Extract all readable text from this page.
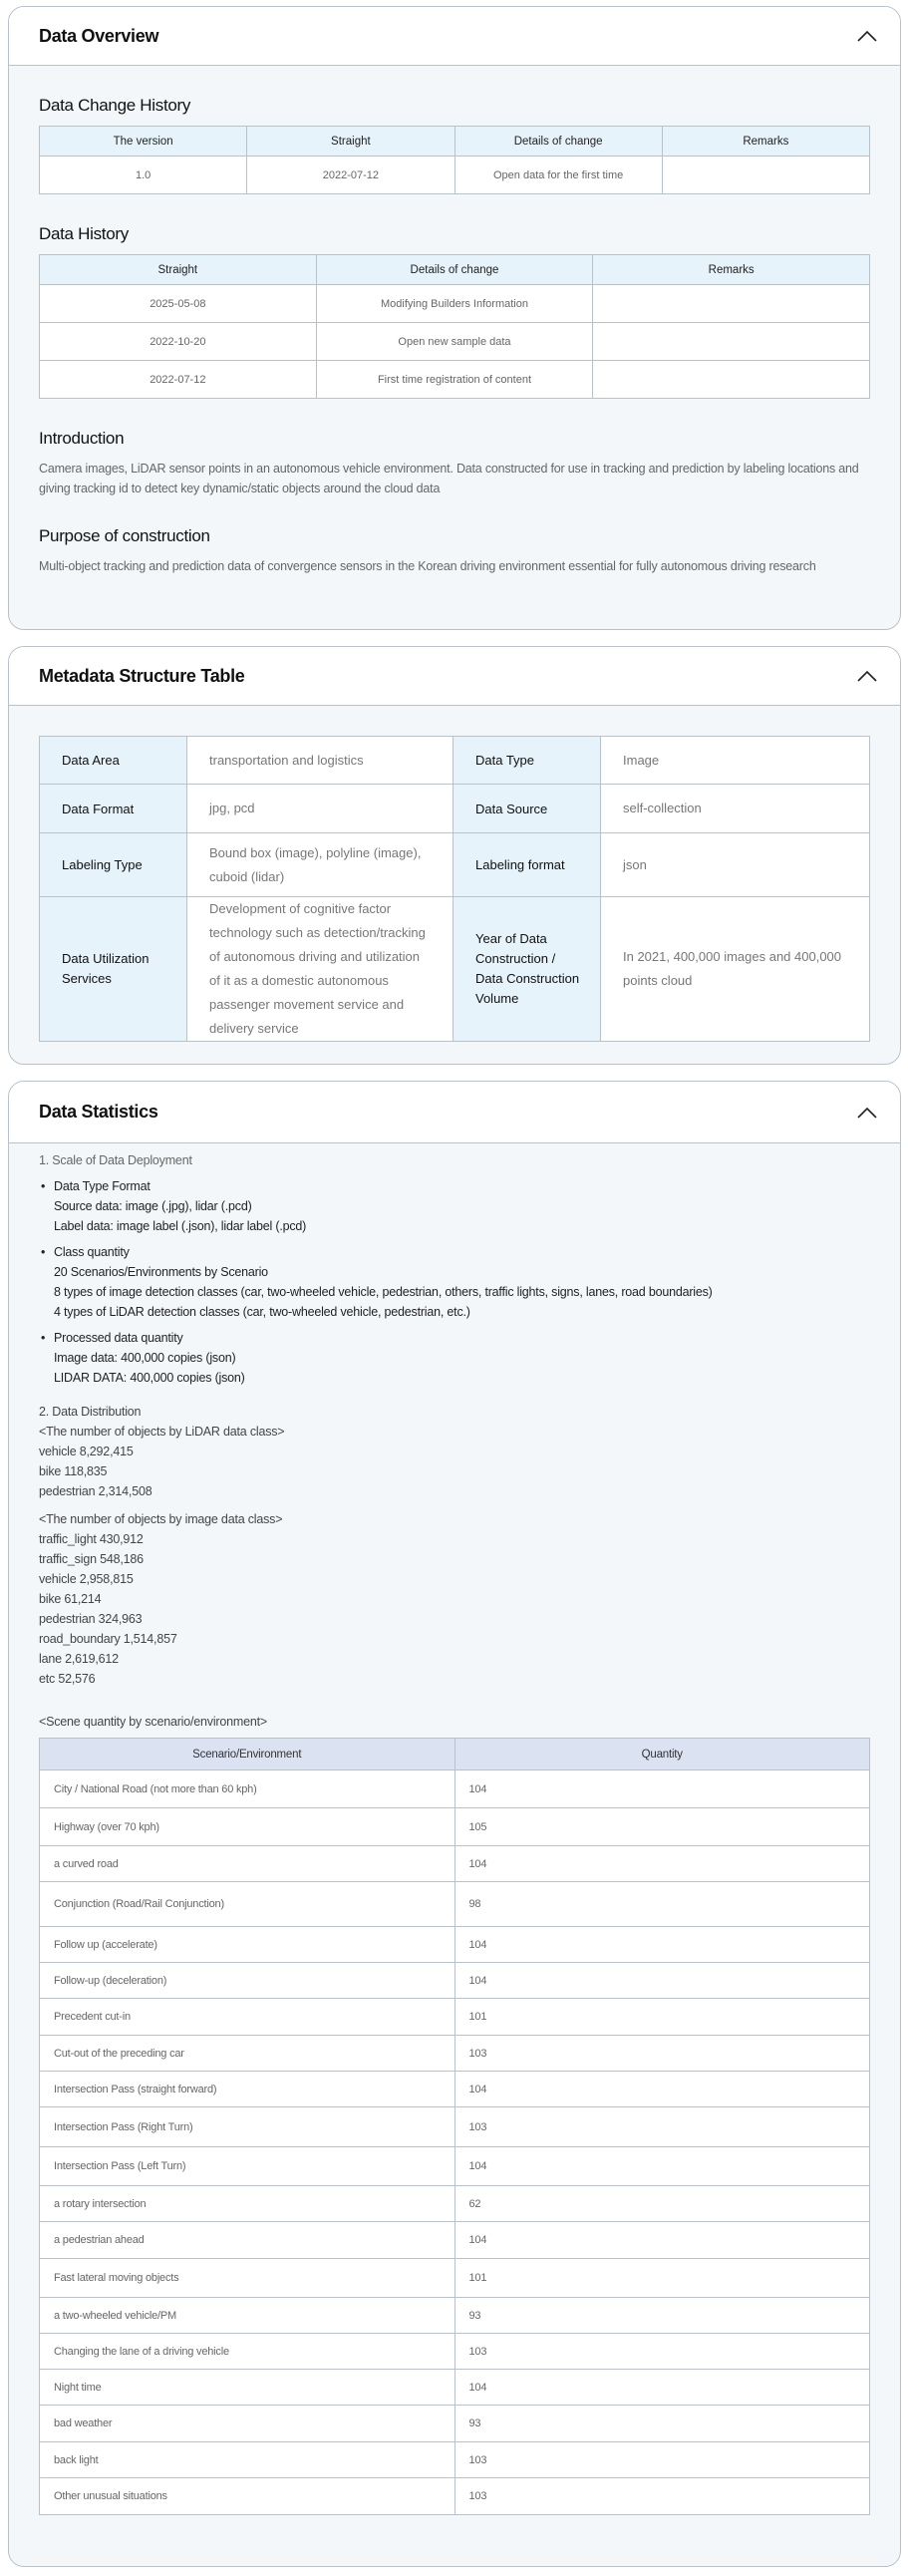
Data Overview
Data Change History
The version	Straight	Details of change	Remarks
1.0	2022-07-12	Open data for the first time	
Data History
Straight	Details of change	Remarks
2025-05-08	Modifying Builders Information	
2022-10-20	Open new sample data	
2022-07-12	First time registration of content	
Introduction

Camera images, LiDAR sensor points in an autonomous vehicle environment. Data constructed for use in tracking and prediction by labeling locations and giving tracking id to detect key dynamic/static objects around the cloud data

Purpose of construction

Multi-object tracking and prediction data of convergence sensors in the Korean driving environment essential for fully autonomous driving research

Metadata Structure Table
Data Area	transportation and logistics	Data Type	Image
Data Format	jpg, pcd	Data Source	self-collection
Labeling Type	Bound box (image), polyline (image), cuboid (lidar)	Labeling format	json
Data Utilization Services	Development of cognitive factor technology such as detection/tracking of autonomous driving and utilization of it as a domestic autonomous passenger movement service and delivery service	Year of Data Construction / Data Construction Volume	In 2021, 400,000 images and 400,000 points cloud
Data Statistics
1. Scale of Data Deployment
• Data Type Format
Source data: image (.jpg), lidar (.pcd)
Label data: image label (.json), lidar label (.pcd)
• Class quantity
20 Scenarios/Environments by Scenario
8 types of image detection classes (car, two-wheeled vehicle, pedestrian, others, traffic lights, signs, lanes, road boundaries)
4 types of LiDAR detection classes (car, two-wheeled vehicle, pedestrian, etc.)
• Processed data quantity
Image data: 400,000 copies (json)
LIDAR DATA: 400,000 copies (json)
2. Data Distribution
<The number of objects by LiDAR data class>
vehicle 8,292,415
bike 118,835
pedestrian 2,314,508
<The number of objects by image data class>
traffic_light 430,912
traffic_sign 548,186
vehicle 2,958,815
bike 61,214
pedestrian 324,963
road_boundary 1,514,857
lane 2,619,612
etc 52,576
<Scene quantity by scenario/environment>
Scenario/Environment	Quantity
City / National Road (not more than 60 kph)	104
Highway (over 70 kph)	105
a curved road	104
Conjunction (Road/Rail Conjunction)	98
Follow up (accelerate)	104
Follow-up (deceleration)	104
Precedent cut-in	101
Cut-out of the preceding car	103
Intersection Pass (straight forward)	104
Intersection Pass (Right Turn)	103
Intersection Pass (Left Turn)	104
a rotary intersection	62
a pedestrian ahead	104
Fast lateral moving objects	101
a two-wheeled vehicle/PM	93
Changing the lane of a driving vehicle	103
Night time	104
bad weather	93
back light	103
Other unusual situations	103
